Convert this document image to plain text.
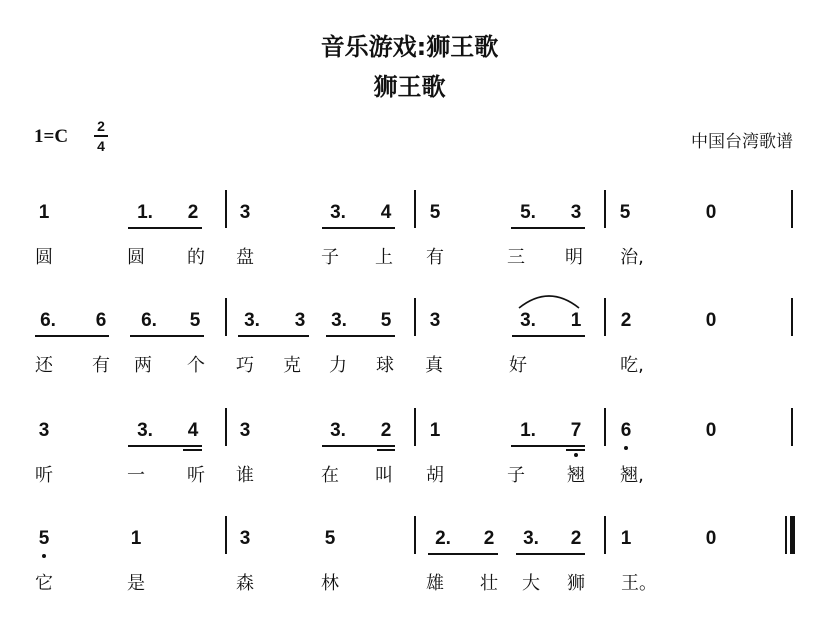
音乐游戏:狮王歌
狮王歌
1=C 2
4	中国台湾歌谱
1	1.	2	3	3.	4	5	5.	3	5	0
圆	圆	的	盘	子	上	有	三	明	治,
6.	6	6.	5	3.	3	3.	5	3	3.	1	2	0
还	有	两	个	巧	克	力	球	真	好	吃,
3	3.	4	3	3.	2	1	1.	7	6	0
听	一	听	谁	在	叫	胡	子	翘	翘,
5	1	3	5	2.	2	3.	2	1	0
它	是	森	林	雄	壮	大	狮	王。
